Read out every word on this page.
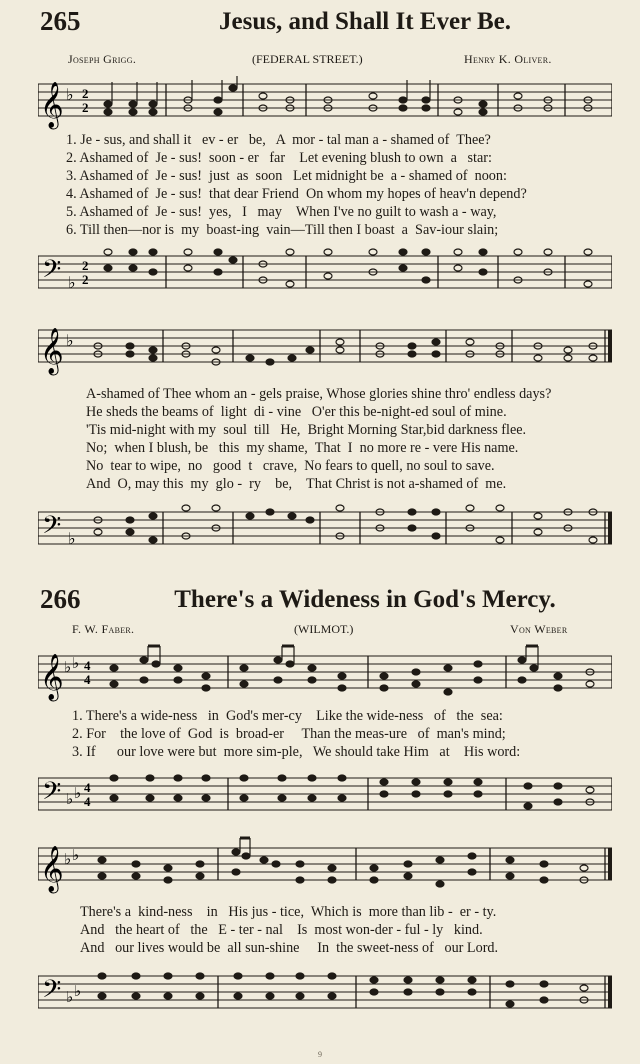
265	Jesus, and Shall It Ever Be.
Joseph Grigg.	(FEDERAL STREET.)	Henry K. Oliver.
𝄞 ♭ 2
2
1. Je - sus, and shall it   ev - er   be,   A  mor - tal man a - shamed of  Thee?
2. Ashamed of  Je - sus!  soon - er   far    Let evening blush to own  a   star:
3. Ashamed of  Je - sus!  just  as  soon   Let midnight be  a - shamed of  noon:
4. Ashamed of  Je - sus!  that dear Friend  On whom my hopes of heav'n depend?
5. Ashamed of  Je - sus!  yes,   I   may    When I've no guilt to wash a - way,
6. Till then—nor is  my  boast-ing  vain—Till then I boast  a  Sav-iour slain;
𝄢 ♭
2
2
𝄞 ♭
A-shamed of Thee whom an - gels praise, Whose glories shine thro' endless days?
He sheds the beams of  light  di - vine   O'er this be-night-ed soul of mine.
'Tis mid-night with my  soul  till   He,  Bright Morning Star,bid darkness flee.
No;  when I blush, be   this  my shame,  That  I  no more re - vere His name.
No  tear to wipe,  no   good  t   crave,  No fears to quell, no soul to save.
And  O, may this  my  glo -  ry    be,    That Christ is not a-shamed of  me.
𝄢 ♭
266	There's a Wideness in God's Mercy.
F. W. Faber.	(WILMOT.)	Von Weber
𝄞 ♭ ♭ 4
4
1. There's a wide-ness   in  God's mer-cy    Like the wide-ness   of   the  sea:
2. For    the love of  God  is  broad-er     Than the meas-ure   of  man's mind;
3. If      our love were but  more sim-ple,   We should take Him   at    His word:
𝄢 ♭ ♭ 4
4
𝄞 ♭ ♭
There's a  kind-ness    in   His jus - tice,  Which is  more than lib -  er - ty.
And   the heart of   the   E - ter - nal    Is  most won-der - ful - ly   kind.
And   our lives would be  all sun-shine     In  the sweet-ness of   our Lord.
𝄢 ♭ ♭
9
